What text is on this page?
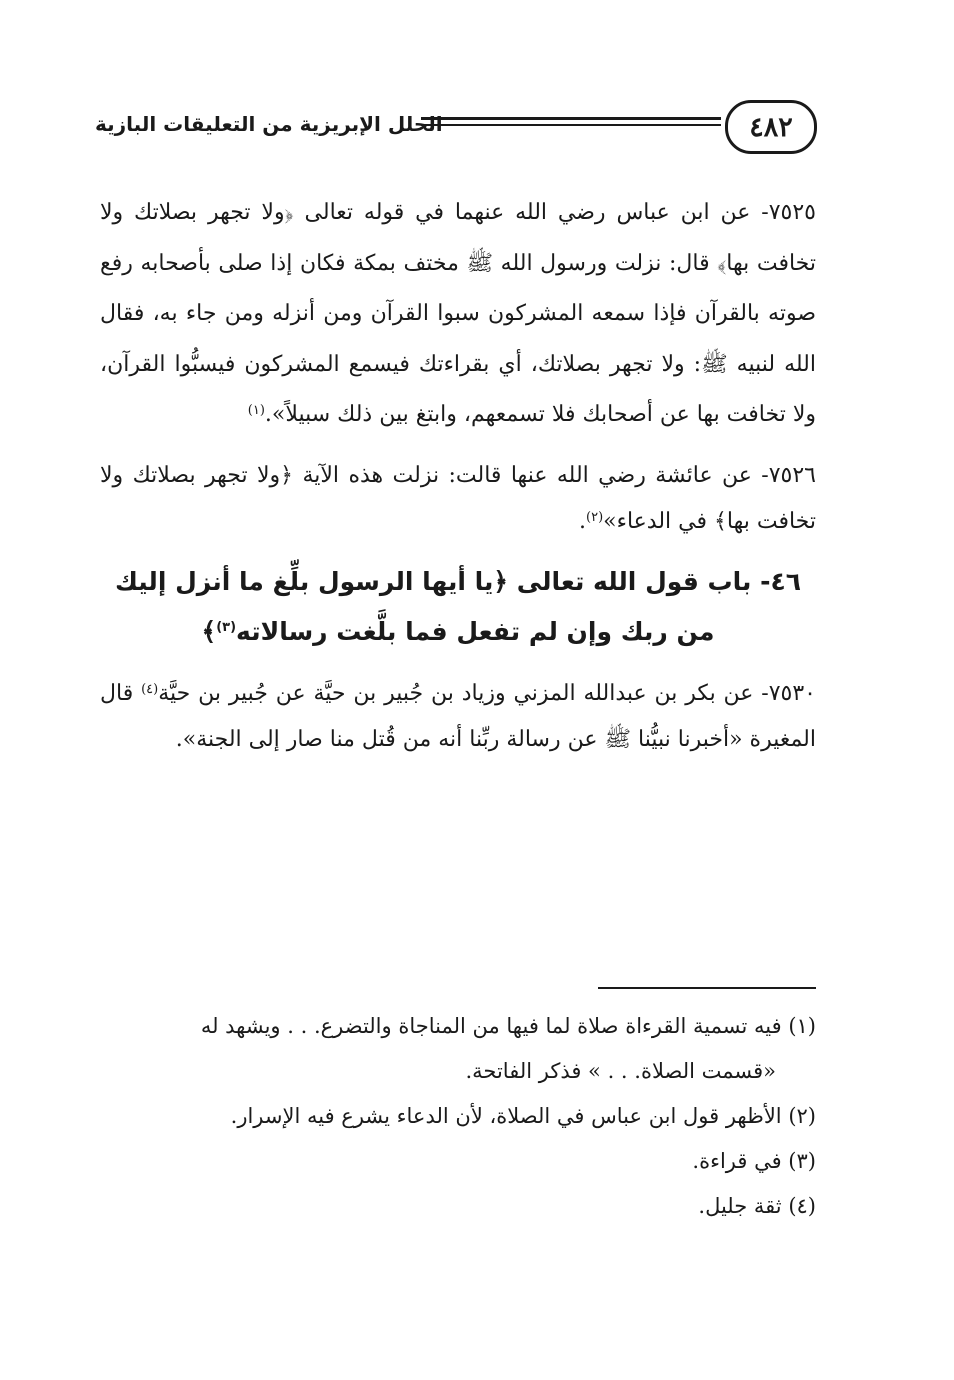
٤٨٢
الحلل الإبريزية من التعليقات البازية

٧٥٢٥- عن ابن عباس رضي الله عنهما في قوله تعالى ﴿ولا تجهر بصلاتك ولا تخافت بها﴾ قال: نزلت ورسول الله ﷺ مختف بمكة فكان إذا صلى بأصحابه رفع صوته بالقرآن فإذا سمعه المشركون سبوا القرآن ومن أنزله ومن جاء به، فقال الله لنبيه ﷺ: ولا تجهر بصلاتك، أي بقراءتك فيسمع المشركون فيسبُّوا القرآن، ولا تخافت بها عن أصحابك فلا تسمعهم، وابتغ بين ذلك سبيلاً».$^{(١)}$

٧٥٢٦- عن عائشة رضي الله عنها قالت: نزلت هذه الآية ﴿ولا تجهر بصلاتك ولا تخافت بها﴾ في الدعاء»$^{(٢)}$.

٤٦- باب قول الله تعالى ﴿يا أيها الرسول بلِّغ ما أنزل إليك من ربك وإن لم تفعل فما بلَّغت رسالاته$^{(٣)}$﴾

٧٥٣٠- عن بكر بن عبدالله المزني وزياد بن جُبير بن حيَّة عن جُبير بن حيَّة$^{(٤)}$ قال المغيرة «أخبرنا نبيُّنا ﷺ عن رسالة ربِّنا أنه من قُتل منا صار إلى الجنة».

(١) فيه تسمية القرءاة صلاة لما فيها من المناجاة والتضرع. . . ويشهد له
«قسمت الصلاة. . . » فذكر الفاتحة.

(٢) الأظهر قول ابن عباس في الصلاة، لأن الدعاء يشرع فيه الإسرار.

(٣) في قراءة.

(٤) ثقة جليل.
